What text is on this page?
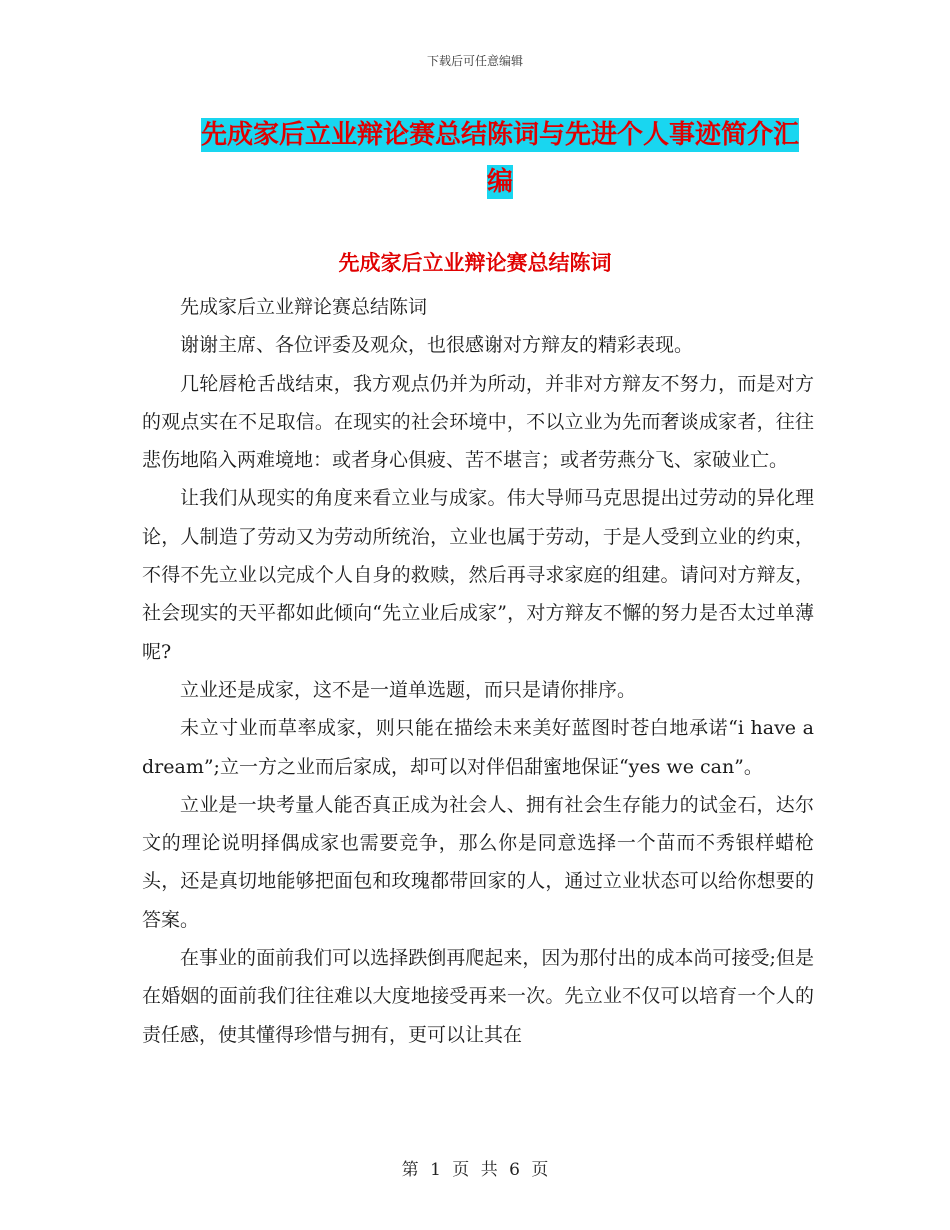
下载后可任意编辑
先成家后立业辩论赛总结陈词与先进个人事迹简介汇
编
先成家后立业辩论赛总结陈词

先成家后立业辩论赛总结陈词

谢谢主席、各位评委及观众，也很感谢对方辩友的精彩表现。

几轮唇枪舌战结束，我方观点仍并为所动，并非对方辩友不努力，而是对方的观点实在不足取信。在现实的社会环境中，不以立业为先而奢谈成家者，往往悲伤地陷入两难境地：或者身心俱疲、苦不堪言；或者劳燕分飞、家破业亡。

让我们从现实的角度来看立业与成家。伟大导师马克思提出过劳动的异化理论，人制造了劳动又为劳动所统治，立业也属于劳动，于是人受到立业的约束，不得不先立业以完成个人自身的救赎，然后再寻求家庭的组建。请问对方辩友，社会现实的天平都如此倾向“先立业后成家”，对方辩友不懈的努力是否太过单薄呢?

立业还是成家，这不是一道单选题，而只是请你排序。

未立寸业而草率成家，则只能在描绘未来美好蓝图时苍白地承诺“i have a dream”;立一方之业而后家成，却可以对伴侣甜蜜地保证“yes we can”。

立业是一块考量人能否真正成为社会人、拥有社会生存能力的试金石，达尔文的理论说明择偶成家也需要竞争，那么你是同意选择一个苗而不秀银样蜡枪头，还是真切地能够把面包和玫瑰都带回家的人，通过立业状态可以给你想要的答案。

在事业的面前我们可以选择跌倒再爬起来，因为那付出的成本尚可接受;但是在婚姻的面前我们往往难以大度地接受再来一次。先立业不仅可以培育一个人的责任感，使其懂得珍惜与拥有，更可以让其在

第 1 页 共 6 页
